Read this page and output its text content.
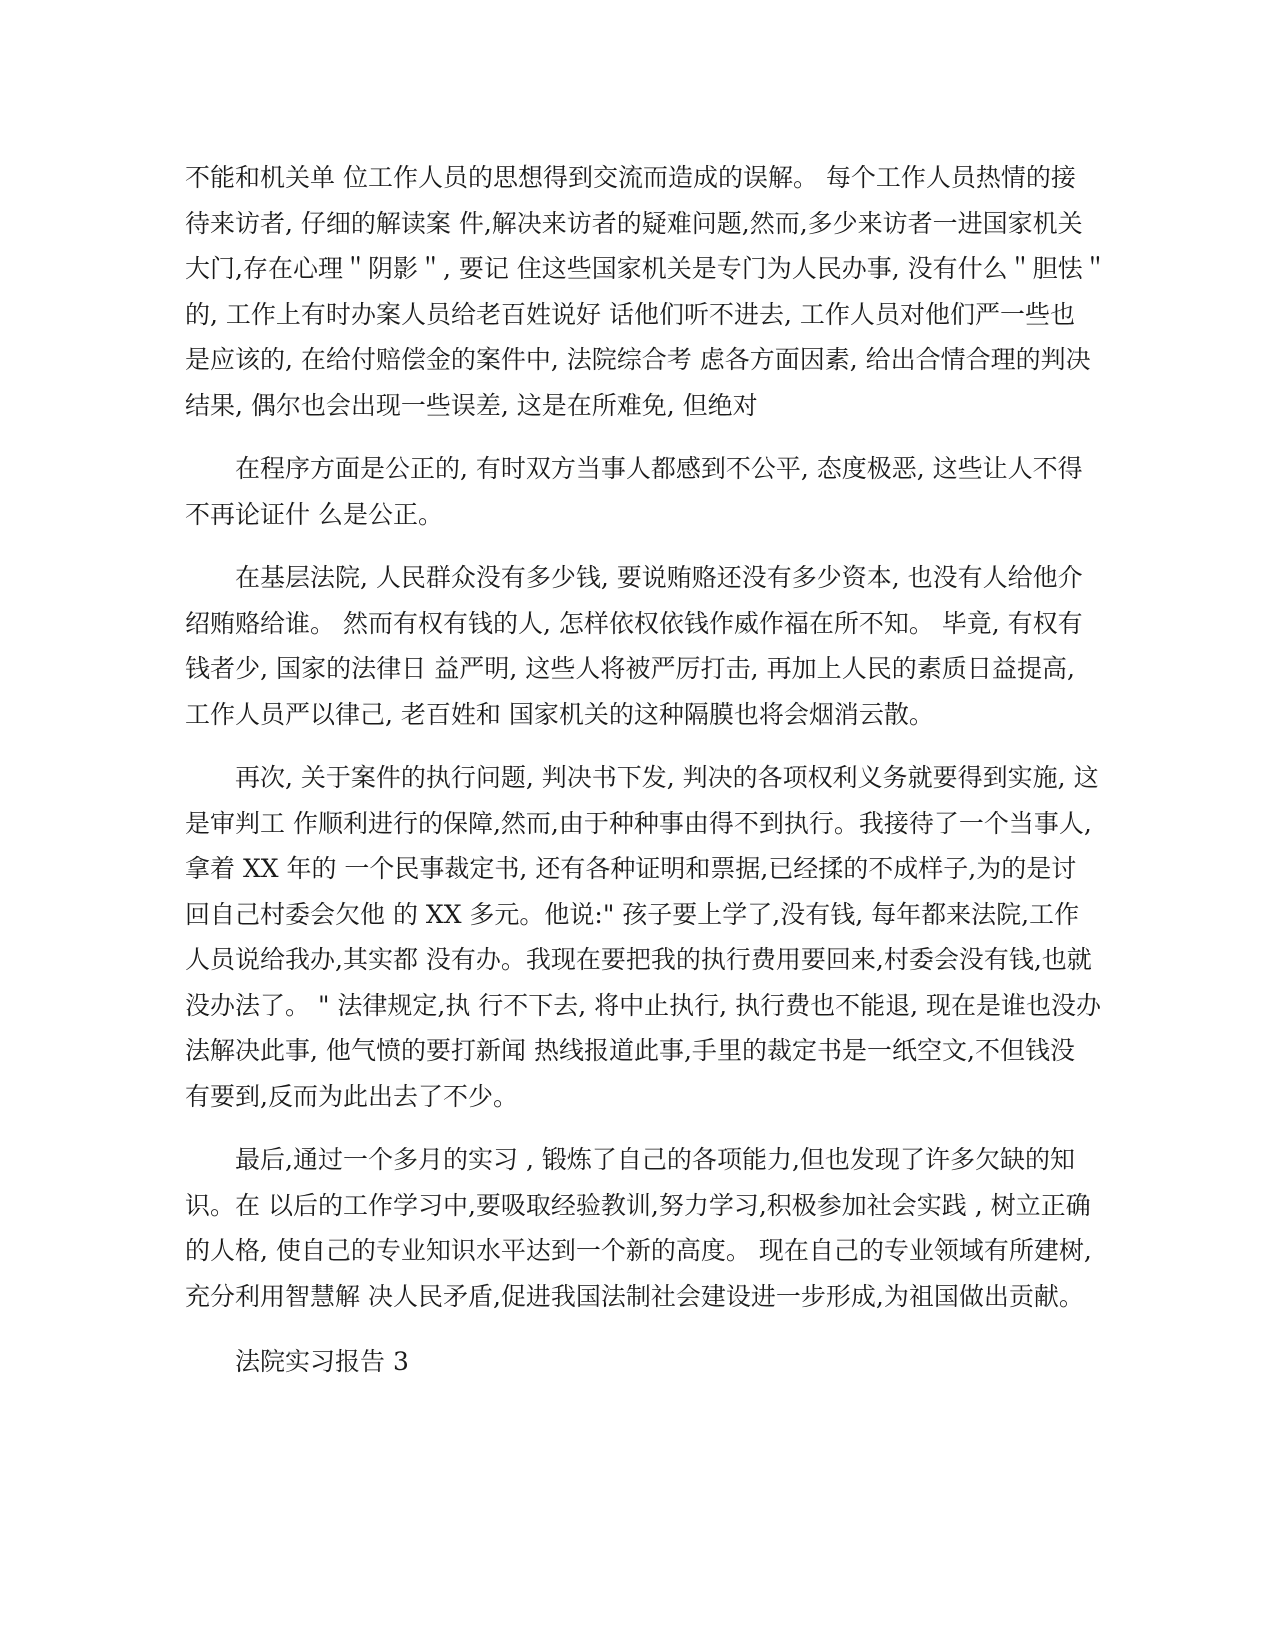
不能和机关单 位工作人员的思想得到交流而造成的误解。 每个工作人员热情的接
待来访者, 仔细的解读案 件,解决来访者的疑难问题,然而,多少来访者一进国家机关
大门,存在心理＂阴影＂, 要记 住这些国家机关是专门为人民办事, 没有什么＂胆怯＂
的, 工作上有时办案人员给老百姓说好 话他们听不进去, 工作人员对他们严一些也
是应该的, 在给付赔偿金的案件中, 法院综合考 虑各方面因素, 给出合情合理的判决
结果, 偶尔也会出现一些误差, 这是在所难免, 但绝对
在程序方面是公正的, 有时双方当事人都感到不公平, 态度极恶, 这些让人不得
不再论证什 么是公正。
在基层法院, 人民群众没有多少钱, 要说贿赂还没有多少资本, 也没有人给他介
绍贿赂给谁。 然而有权有钱的人, 怎样依权依钱作威作福在所不知。 毕竟, 有权有
钱者少, 国家的法律日 益严明, 这些人将被严厉打击, 再加上人民的素质日益提高,
工作人员严以律己, 老百姓和 国家机关的这种隔膜也将会烟消云散。
再次, 关于案件的执行问题, 判决书下发, 判决的各项权利义务就要得到实施, 这
是审判工 作顺利进行的保障,然而,由于种种事由得不到执行。我接待了一个当事人,
拿着 XX 年的 一个民事裁定书, 还有各种证明和票据,已经揉的不成样子,为的是讨
回自己村委会欠他 的 XX 多元。他说:" 孩子要上学了,没有钱, 每年都来法院,工作
人员说给我办,其实都 没有办。我现在要把我的执行费用要回来,村委会没有钱,也就
没办法了。 " 法律规定,执 行不下去, 将中止执行, 执行费也不能退, 现在是谁也没办
法解决此事, 他气愤的要打新闻 热线报道此事,手里的裁定书是一纸空文,不但钱没
有要到,反而为此出去了不少。
最后,通过一个多月的实习 , 锻炼了自己的各项能力,但也发现了许多欠缺的知
识。在 以后的工作学习中,要吸取经验教训,努力学习,积极参加社会实践 , 树立正确
的人格, 使自己的专业知识水平达到一个新的高度。 现在自己的专业领域有所建树,
充分利用智慧解 决人民矛盾,促进我国法制社会建设进一步形成,为祖国做出贡献。
法院实习报告 3
